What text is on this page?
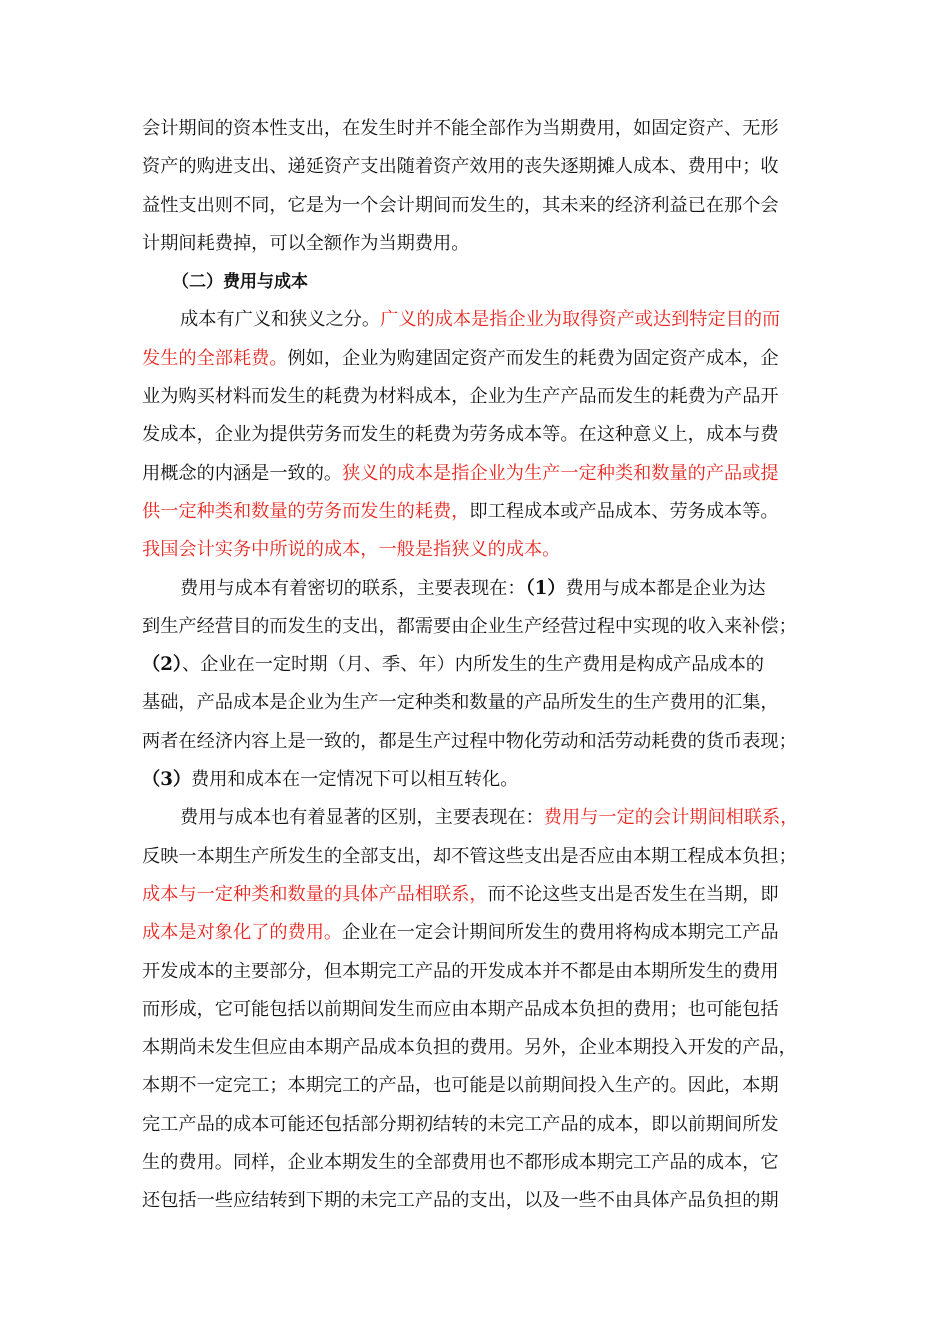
会计期间的资本性支出，在发生时并不能全部作为当期费用，如固定资产、无形
资产的购进支出、递延资产支出随着资产效用的丧失逐期摊人成本、费用中；收
益性支出则不同，它是为一个会计期间而发生的，其未来的经济利益已在那个会
计期间耗费掉，可以全额作为当期费用。
（二）费用与成本
成本有广义和狭义之分。广义的成本是指企业为取得资产或达到特定目的而
发生的全部耗费。例如，企业为购建固定资产而发生的耗费为固定资产成本，企
业为购买材料而发生的耗费为材料成本，企业为生产产品而发生的耗费为产品开
发成本，企业为提供劳务而发生的耗费为劳务成本等。在这种意义上，成本与费
用概念的内涵是一致的。狭义的成本是指企业为生产一定种类和数量的产品或提
供一定种类和数量的劳务而发生的耗费，即工程成本或产品成本、劳务成本等。
我国会计实务中所说的成本，一般是指狭义的成本。
费用与成本有着密切的联系，主要表现在：（1）费用与成本都是企业为达
到生产经营目的而发生的支出，都需要由企业生产经营过程中实现的收入来补偿；
（2）、企业在一定时期（月、季、年）内所发生的生产费用是构成产品成本的
基础，产品成本是企业为生产一定种类和数量的产品所发生的生产费用的汇集，
两者在经济内容上是一致的，都是生产过程中物化劳动和活劳动耗费的货币表现；
（3）费用和成本在一定情况下可以相互转化。
费用与成本也有着显著的区别，主要表现在：费用与一定的会计期间相联系，
反映一本期生产所发生的全部支出，却不管这些支出是否应由本期工程成本负担；
成本与一定种类和数量的具体产品相联系，而不论这些支出是否发生在当期，即
成本是对象化了的费用。企业在一定会计期间所发生的费用将构成本期完工产品
开发成本的主要部分，但本期完工产品的开发成本并不都是由本期所发生的费用
而形成，它可能包括以前期间发生而应由本期产品成本负担的费用；也可能包括
本期尚未发生但应由本期产品成本负担的费用。另外，企业本期投入开发的产品，
本期不一定完工；本期完工的产品，也可能是以前期间投入生产的。因此，本期
完工产品的成本可能还包括部分期初结转的未完工产品的成本，即以前期间所发
生的费用。同样，企业本期发生的全部费用也不都形成本期完工产品的成本，它
还包括一些应结转到下期的未完工产品的支出，以及一些不由具体产品负担的期
